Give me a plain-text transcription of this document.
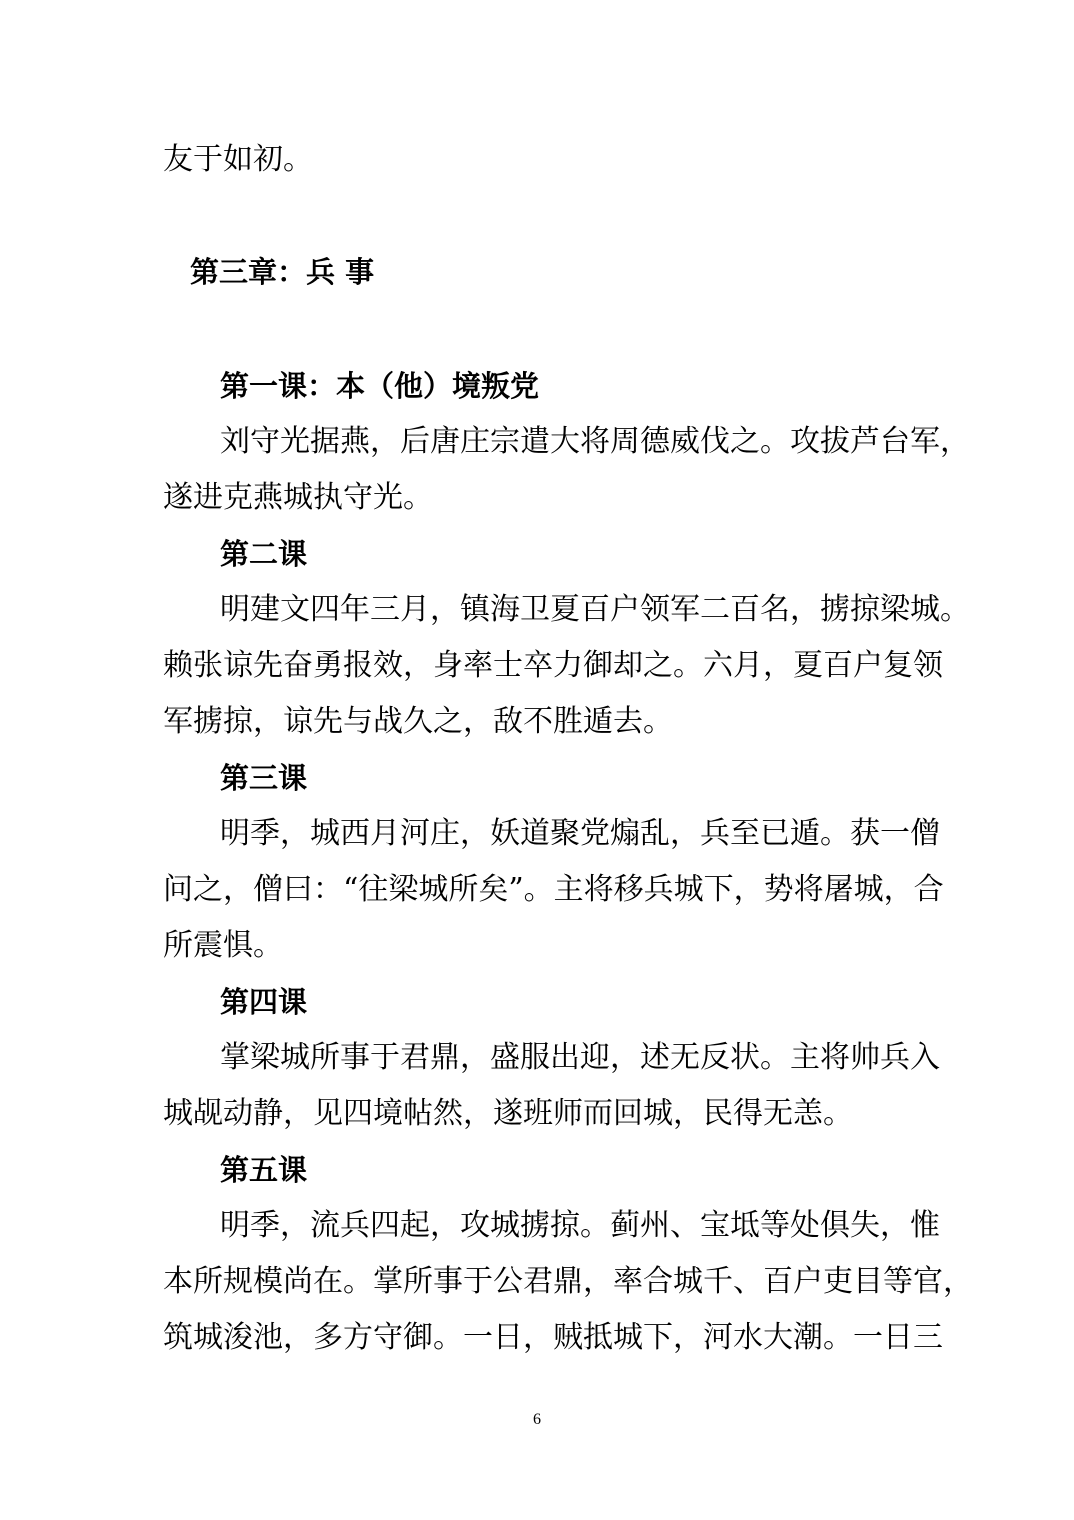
友于如初。

第三章：兵 事
第一课：本（他）境叛党

刘守光据燕，后唐庄宗遣大将周德威伐之。攻拔芦台军，

遂进克燕城执守光。

第二课

明建文四年三月，镇海卫夏百户领军二百名，掳掠梁城。

赖张谅先奋勇报效，身率士卒力御却之。六月，夏百户复领

军掳掠，谅先与战久之，敌不胜遁去。

第三课

明季，城西月河庄，妖道聚党煽乱，兵至已遁。获一僧

问之，僧曰：“往梁城所矣”。主将移兵城下，势将屠城，合

所震惧。

第四课

掌梁城所事于君鼎，盛服出迎，述无反状。主将帅兵入

城觇动静，见四境帖然，遂班师而回城，民得无恙。

第五课

明季，流兵四起，攻城掳掠。蓟州、宝坻等处俱失，惟

本所规模尚在。掌所事于公君鼎，率合城千、百户吏目等官，

筑城浚池，多方守御。一日，贼抵城下，河水大潮。一日三

6
